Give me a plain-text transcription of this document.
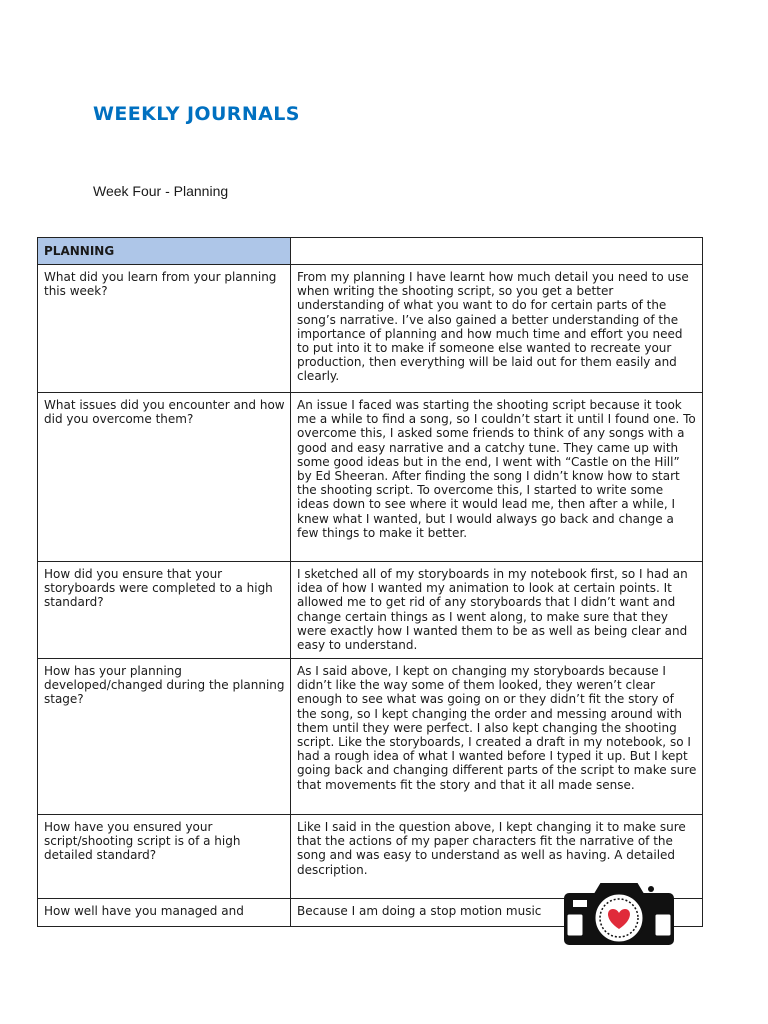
WEEKLY JOURNALS

Week Four - Planning

PLANNING	
What did you learn from your planning this week?	From my planning I have learnt how much detail you need to use when writing the shooting script, so you get a better understanding of what you want to do for certain parts of the song’s narrative. I’ve also gained a better understanding of the importance of planning and how much time and effort you need to put into it to make if someone else wanted to recreate your production, then everything will be laid out for them easily and clearly.
What issues did you encounter and how did you overcome them?	An issue I faced was starting the shooting script because it took me a while to find a song, so I couldn’t start it until I found one. To overcome this, I asked some friends to think of any songs with a good and easy narrative and a catchy tune. They came up with some good ideas but in the end, I went with “Castle on the Hill” by Ed Sheeran. After finding the song I didn’t know how to start the shooting script. To overcome this, I started to write some ideas down to see where it would lead me, then after a while, I knew what I wanted, but I would always go back and change a few things to make it better.
How did you ensure that your storyboards were completed to a high standard?	I sketched all of my storyboards in my notebook first, so I had an idea of how I wanted my animation to look at certain points. It allowed me to get rid of any storyboards that I didn’t want and change certain things as I went along, to make sure that they were exactly how I wanted them to be as well as being clear and easy to understand.
How has your planning developed/changed during the planning stage?	As I said above, I kept on changing my storyboards because I didn’t like the way some of them looked, they weren’t clear enough to see what was going on or they didn’t fit the story of the song, so I kept changing the order and messing around with them until they were perfect. I also kept changing the shooting script. Like the storyboards, I created a draft in my notebook, so I had a rough idea of what I wanted before I typed it up. But I kept going back and changing different parts of the script to make sure that movements fit the story and that it all made sense.
How have you ensured your script/shooting script is of a high detailed standard?	Like I said in the question above, I kept changing it to make sure that the actions of my paper characters fit the narrative of the song and was easy to understand as well as having. A detailed description.

How well have you managed and	Because I am doing a stop motion music
